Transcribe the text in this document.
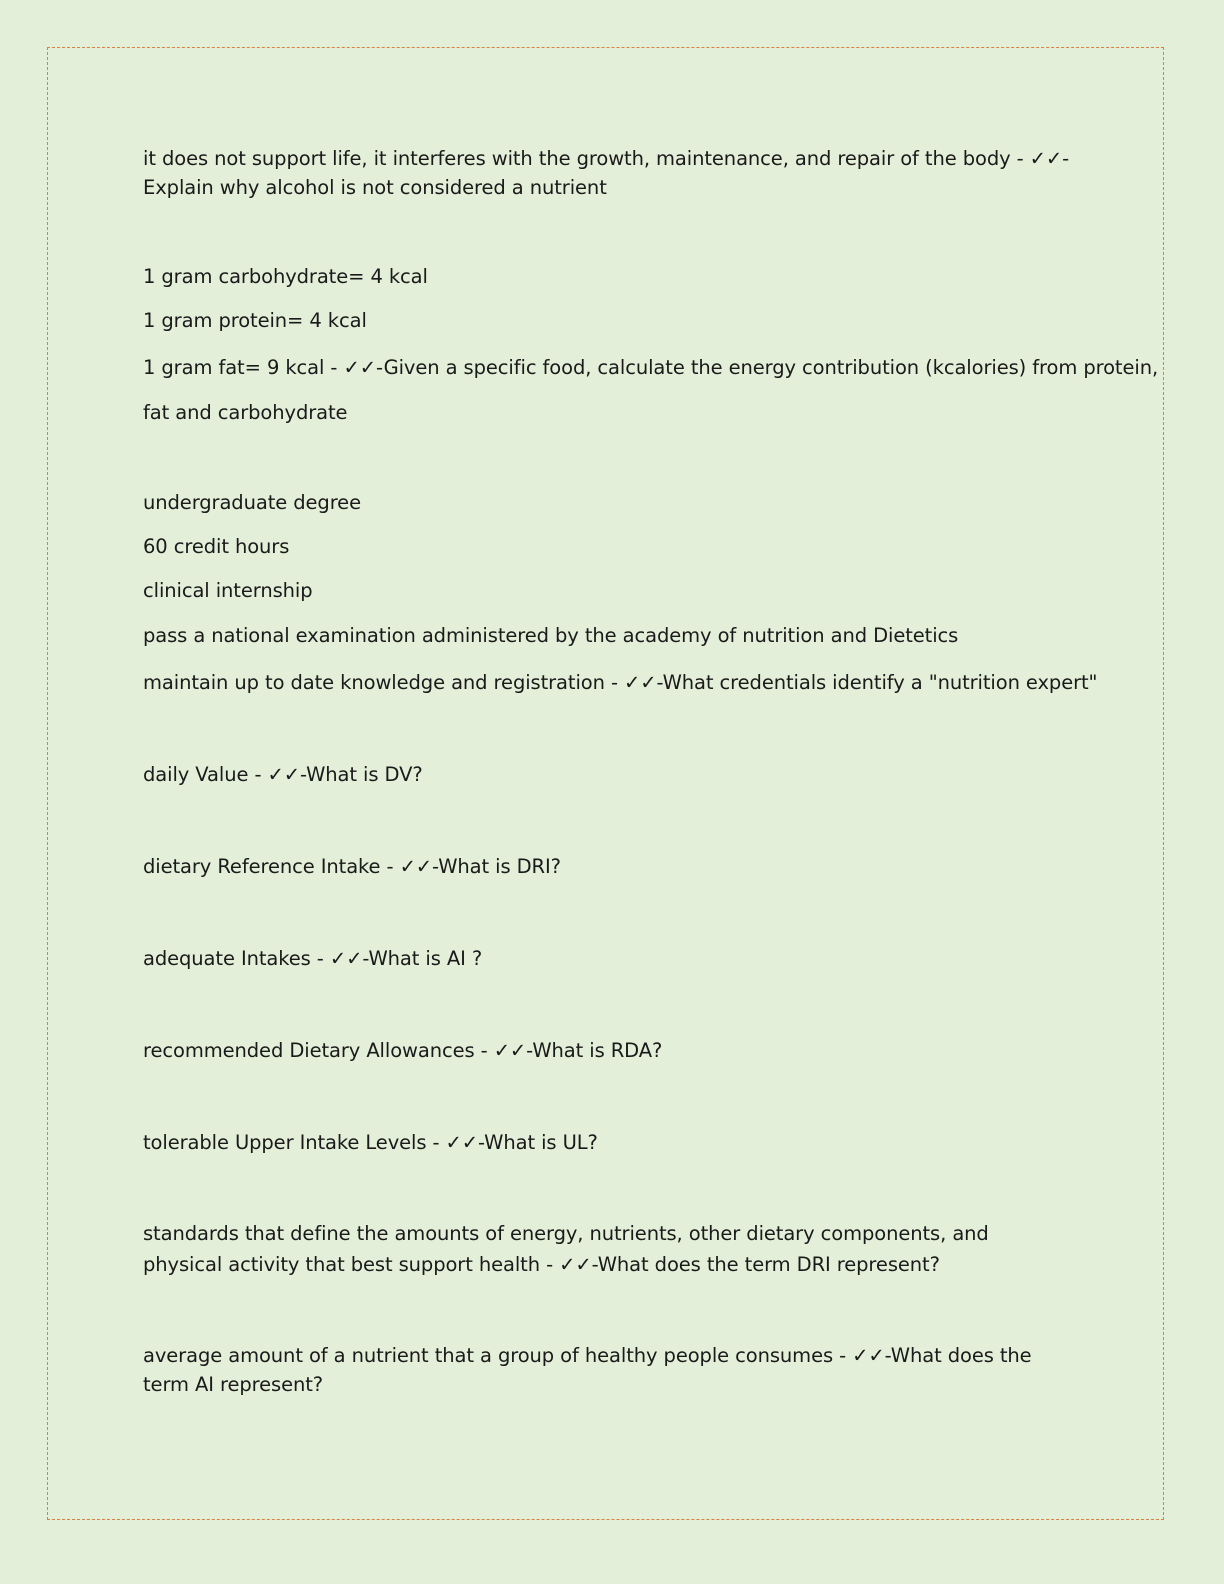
it does not support life, it interferes with the growth, maintenance, and repair of the body - ✓✓-Explain why alcohol is not considered a nutrient
1 gram carbohydrate= 4 kcal
1 gram protein= 4 kcal
1 gram fat= 9 kcal - ✓✓-Given a specific food, calculate the energy contribution (kcalories) from protein,
fat and carbohydrate
undergraduate degree
60 credit hours
clinical internship
pass a national examination administered by the academy of nutrition and Dietetics
maintain up to date knowledge and registration - ✓✓-What credentials identify a "nutrition expert"
daily Value - ✓✓-What is DV?
dietary Reference Intake - ✓✓-What is DRI?
adequate Intakes - ✓✓-What is AI ?
recommended Dietary Allowances - ✓✓-What is RDA?
tolerable Upper Intake Levels - ✓✓-What is UL?
standards that define the amounts of energy, nutrients, other dietary components, and physical activity that best support health - ✓✓-What does the term DRI represent?
average amount of a nutrient that a group of healthy people consumes - ✓✓-What does the term AI represent?
